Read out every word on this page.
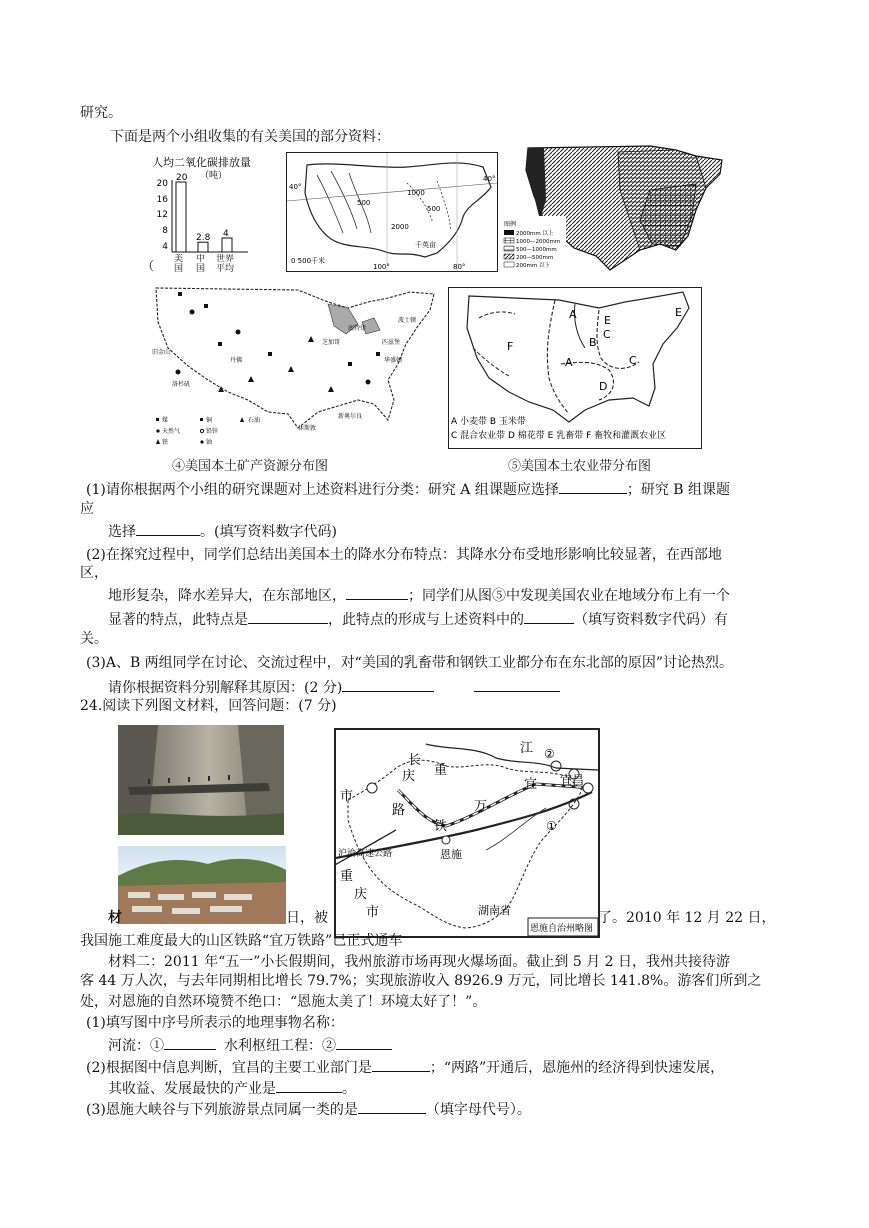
研究。
下面是两个小组收集的有关美国的部分资料：
人均二氧化碳排放量
（吨）
20
16
12
8
4
20
2.8 4
（ 美国
中国
世界平均
40°
40°
100°	80°
0 500千米
2000
500
500
1000
千英亩
图例
2000mm 以上
1000—2000mm
500—1000mm
200—500mm
200mm 以下
波士顿
匹兹堡
芝加哥
底特律
丹佛
休斯敦
新奥尔良
洛杉矶
旧金山
华盛顿
煤	铜	石油
天然气	铅锌
铁	铀
A E
E
F	B
A	C
D
C
A 小麦带 B 玉米带
C 混合农业带 D 棉花带 E 乳畜带 F 畜牧和灌溉农业区
④美国本土矿产资源分布图	⑤美国本土农业带分布图
(1)请你根据两个小组的研究课题对上述资料进行分类：研究 A 组课题应选择	；研究 B 组课题
应
选择	。(填写资料数字代码)
(2)在探究过程中，同学们总结出美国本土的降水分布特点：其降水分布受地形影响比较显著，在西部地
区，
地形复杂，降水差异大，在东部地区，	；同学们从图⑤中发现美国农业在地域分布上有一个
显著的特点，此特点是	，此特点的形成与上述资料中的	（填写资料数字代码）有
关。
(3)A、B 两组同学在讨论、交流过程中，对“美国的乳畜带和钢铁工业都分布在东北部的原因”讨论热烈。
请你根据资料分别解释其原因：(2 分)
24.阅读下列图文材料，回答问题：(7 分)
长
江 ②
宜昌
重
庆
宜
市
路
铁
万
①
沪渝高速公路	恩施
重
庆
市	湖南省
恩施自治州略图
材	日，被	了。2010 年 12 月 22 日，
我国施工难度最大的山区铁路“宜万铁路”已正式通车
材料二：2011 年“五一”小长假期间，我州旅游市场再现火爆场面。截止到 5 月 2 日，我州共接待游
客 44 万人次，与去年同期相比增长 79.7%；实现旅游收入 8926.9 万元，同比增长 141.8%。游客们所到之
处，对恩施的自然环境赞不绝口：“恩施太美了！环境太好了！”。
(1)填写图中序号所表示的地理事物名称：
河流：①	水利枢纽工程：②
(2)根据图中信息判断，宜昌的主要工业部门是	；“两路”开通后，恩施州的经济得到快速发展，
其收益、发展最快的产业是	。
(3)恩施大峡谷与下列旅游景点同属一类的是	（填字母代号）。
